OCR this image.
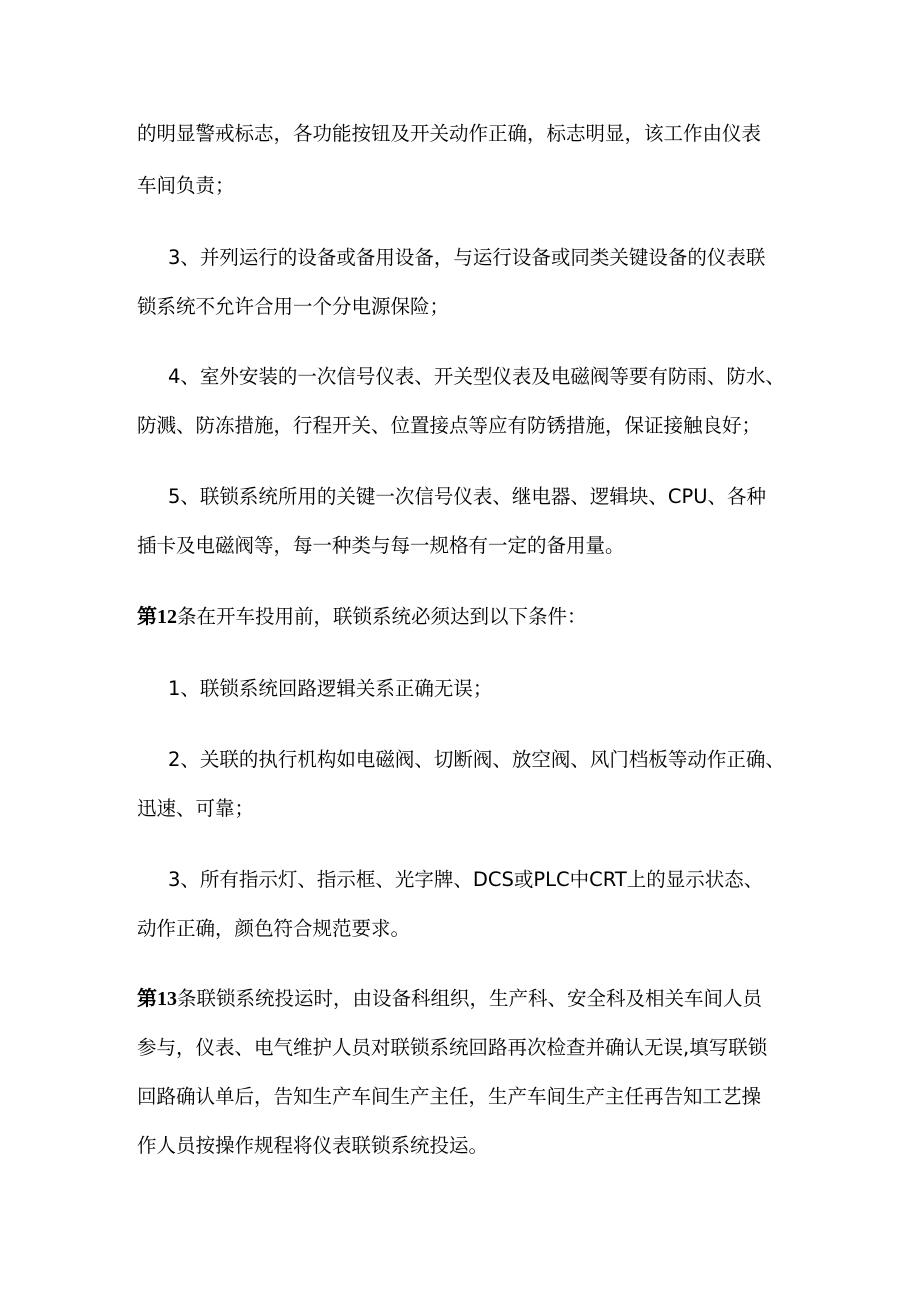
的明显警戒标志，各功能按钮及开关动作正确，标志明显，该工作由仪表
车间负责；
3、并列运行的设备或备用设备，与运行设备或同类关键设备的仪表联
锁系统不允许合用一个分电源保险；
4、室外安装的一次信号仪表、开关型仪表及电磁阀等要有防雨、防水、
防溅、防冻措施，行程开关、位置接点等应有防锈措施，保证接触良好；
5、联锁系统所用的关键一次信号仪表、继电器、逻辑块、CPU、各种
插卡及电磁阀等，每一种类与每一规格有一定的备用量。
第12条在开车投用前，联锁系统必须达到以下条件：
1、联锁系统回路逻辑关系正确无误；
2、关联的执行机构如电磁阀、切断阀、放空阀、风门档板等动作正确、
迅速、可靠；
3、所有指示灯、指示框、光字牌、DCS或PLC中CRT上的显示状态、
动作正确，颜色符合规范要求。
第13条联锁系统投运时，由设备科组织，生产科、安全科及相关车间人员
参与，仪表、电气维护人员对联锁系统回路再次检查并确认无误,填写联锁
回路确认单后，告知生产车间生产主任，生产车间生产主任再告知工艺操
作人员按操作规程将仪表联锁系统投运。
